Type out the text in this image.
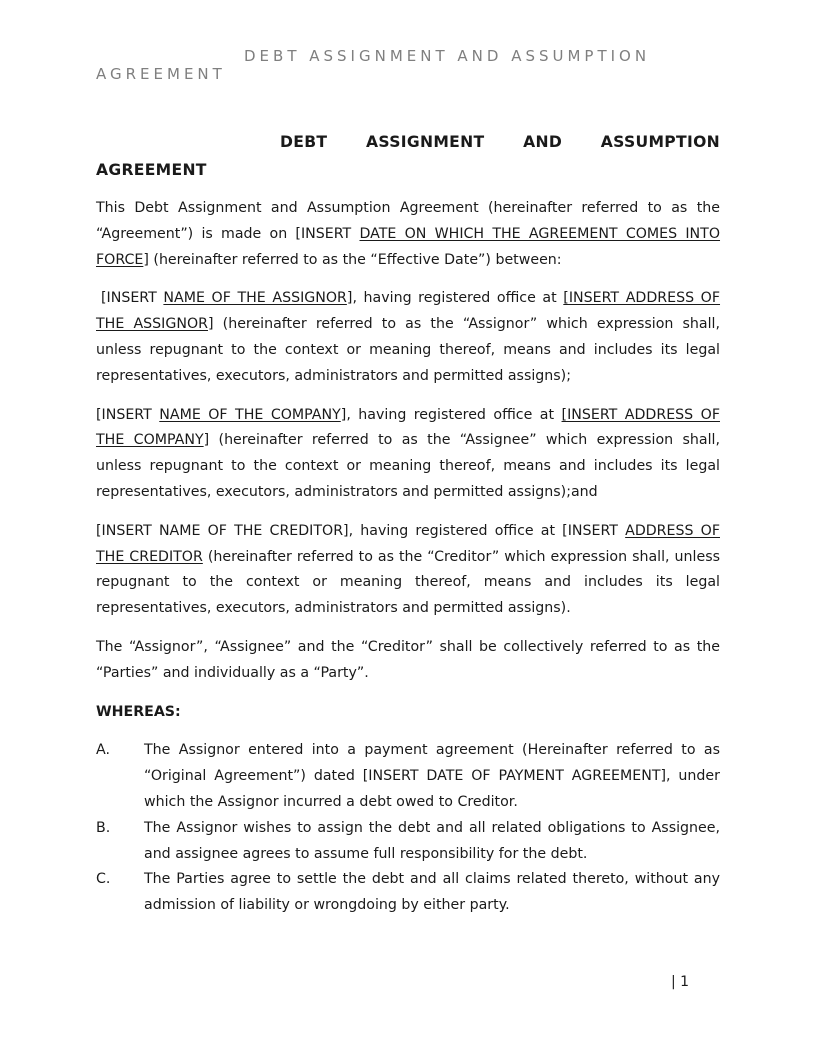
DEBT ASSIGNMENT AND ASSUMPTION
AGREEMENT
DEBT ASSIGNMENT AND ASSUMPTION
AGREEMENT

This Debt Assignment and Assumption Agreement (hereinafter referred to as the “Agreement”) is made on [INSERT DATE ON WHICH THE AGREEMENT COMES INTO FORCE] (hereinafter referred to as the “Effective Date”) between:

[INSERT NAME OF THE ASSIGNOR], having registered office at [INSERT ADDRESS OF THE ASSIGNOR] (hereinafter referred to as the “Assignor” which expression shall, unless repugnant to the context or meaning thereof, means and includes its legal representatives, executors, administrators and permitted assigns);

[INSERT NAME OF THE COMPANY], having registered office at [INSERT ADDRESS OF THE COMPANY] (hereinafter referred to as the “Assignee” which expression shall, unless repugnant to the context or meaning thereof, means and includes its legal representatives, executors, administrators and permitted assigns);and

[INSERT NAME OF THE CREDITOR], having registered office at [INSERT ADDRESS OF THE CREDITOR (hereinafter referred to as the “Creditor” which expression shall, unless repugnant to the context or meaning thereof, means and includes its legal representatives, executors, administrators and permitted assigns).

The “Assignor”, “Assignee” and the “Creditor” shall be collectively referred to as the “Parties” and individually as a “Party”.

WHEREAS:

A.	The Assignor entered into a payment agreement (Hereinafter referred to as “Original Agreement”) dated [INSERT DATE OF PAYMENT AGREEMENT], under which the Assignor incurred a debt owed to Creditor.
B.	The Assignor wishes to assign the debt and all related obligations to Assignee, and assignee agrees to assume full responsibility for the debt.
C.	The Parties agree to settle the debt and all claims related thereto, without any admission of liability or wrongdoing by either party.
| 1
